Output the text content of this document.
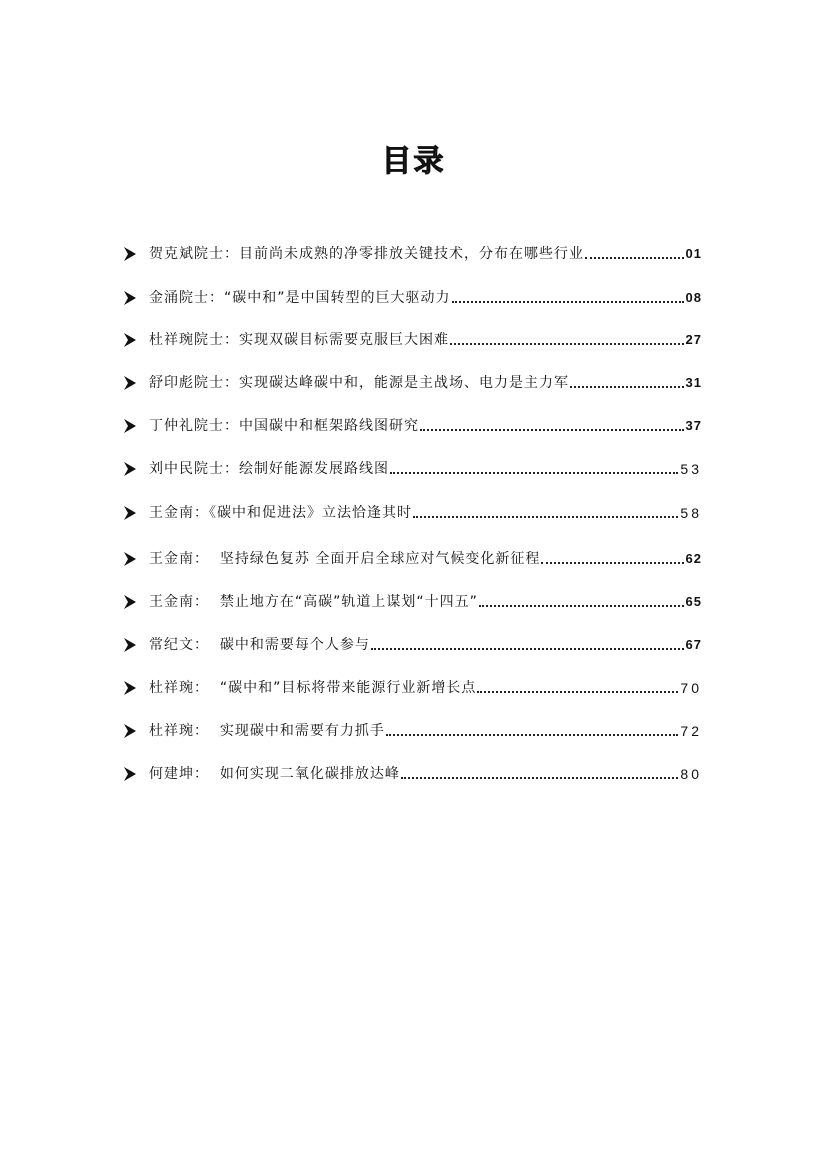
目录
贺克斌院士：目前尚未成熟的净零排放关键技术，分布在哪些行业	01
金涌院士：“碳中和”是中国转型的巨大驱动力	08
杜祥琬院士：实现双碳目标需要克服巨大困难	27
舒印彪院士：实现碳达峰碳中和，能源是主战场、电力是主力军	31
丁仲礼院士：中国碳中和框架路线图研究	37
刘中民院士：绘制好能源发展路线图	53
王金南：《碳中和促进法》立法恰逢其时	58
王金南：  坚持绿色复苏 全面开启全球应对气候变化新征程	62
王金南：  禁止地方在“高碳”轨道上谋划“十四五”	65
常纪文：  碳中和需要每个人参与	67
杜祥琬：  “碳中和”目标将带来能源行业新增长点	70
杜祥琬：  实现碳中和需要有力抓手	72
何建坤：  如何实现二氧化碳排放达峰	80
